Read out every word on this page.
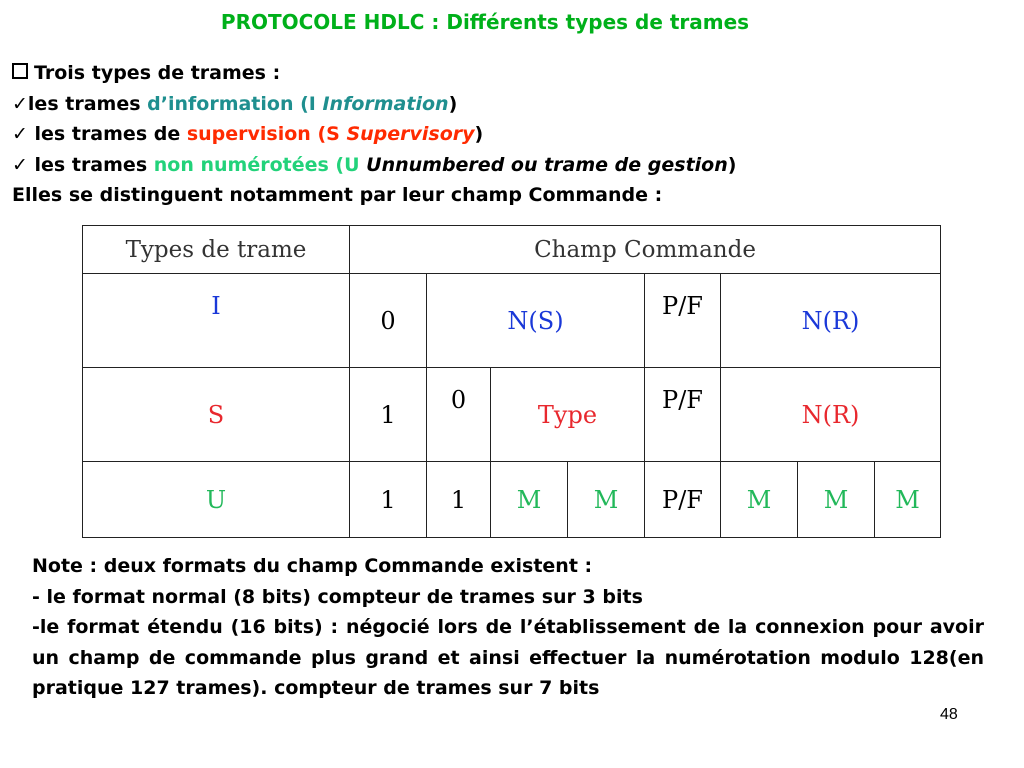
PROTOCOLE HDLC : Différents types de trames
Trois types de trames :
✓les trames d’information (I Information)
✓ les trames de supervision (S Supervisory)
✓ les trames non numérotées (U Unnumbered ou trame de gestion)
Elles se distinguent notamment par leur champ Commande :
Types de trame	Champ Commande							
I	0	N(S)			P/F	N(R)		
S	1	0	Type		P/F	N(R)		
U	1	1	M	M	P/F	M	M	M
Note : deux formats du champ Commande existent :
- le format normal (8 bits) compteur de trames sur 3 bits
-le format étendu (16 bits) : négocié lors de l’établissement de la connexion pour avoir un champ de commande plus grand et ainsi effectuer la numérotation modulo 128(en pratique 127 trames). compteur de trames sur 7 bits
48
